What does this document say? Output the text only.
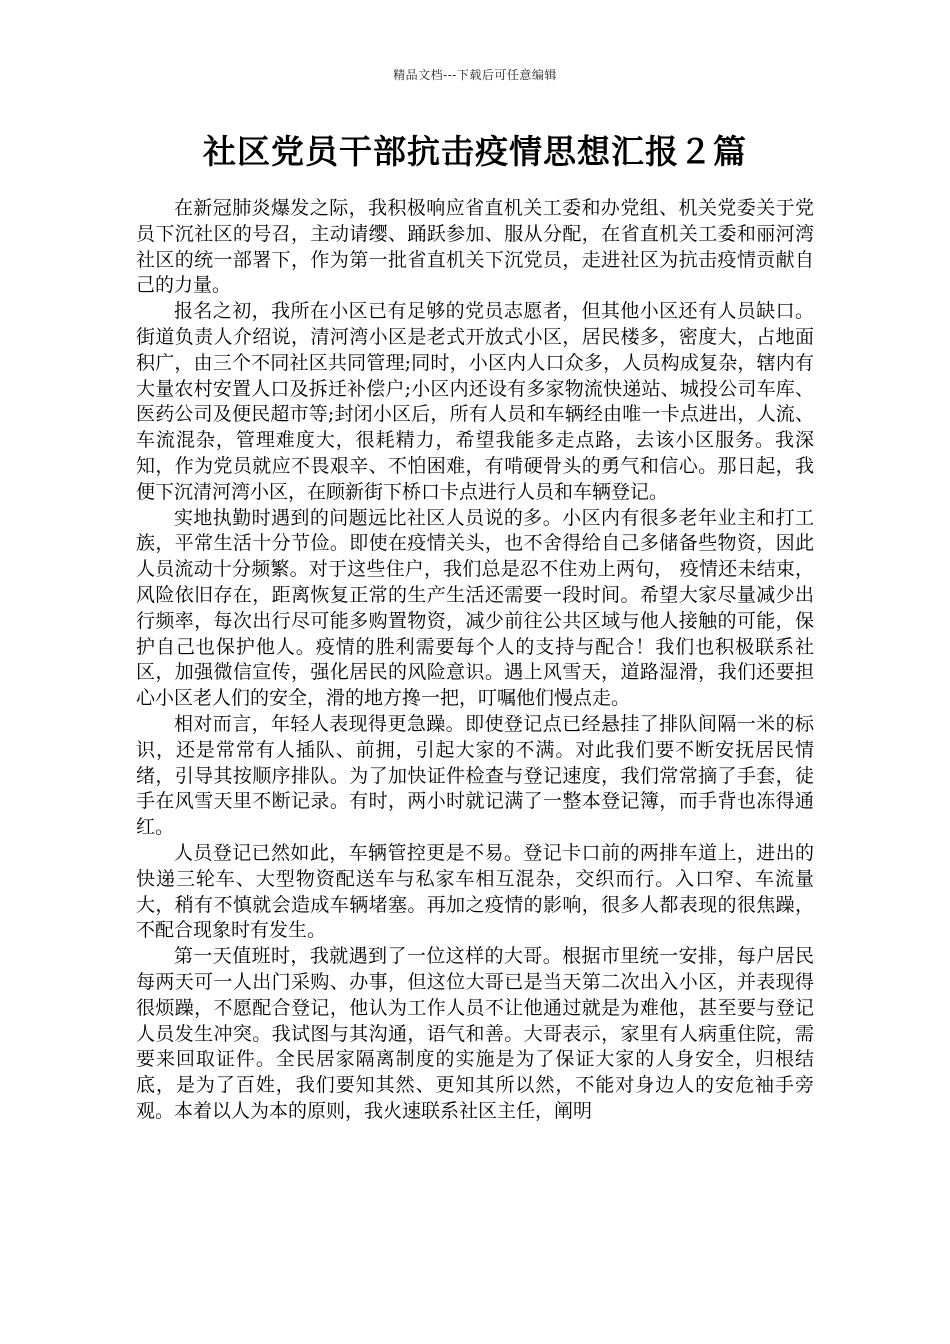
精品文档---下载后可任意编辑
社区党员干部抗击疫情思想汇报２篇

在新冠肺炎爆发之际，我积极响应省直机关工委和办党组、机关党委关于党员下沉社区的号召，主动请缨、踊跃参加、服从分配，在省直机关工委和丽河湾社区的统一部署下，作为第一批省直机关下沉党员，走进社区为抗击疫情贡献自己的力量。

报名之初，我所在小区已有足够的党员志愿者，但其他小区还有人员缺口。街道负责人介绍说，清河湾小区是老式开放式小区，居民楼多，密度大，占地面积广，由三个不同社区共同管理;同时，小区内人口众多，人员构成复杂，辖内有大量农村安置人口及拆迁补偿户;小区内还设有多家物流快递站、城投公司车库、医药公司及便民超市等;封闭小区后，所有人员和车辆经由唯一卡点进出，人流、车流混杂，管理难度大，很耗精力，希望我能多走点路，去该小区服务。我深知，作为党员就应不畏艰辛、不怕困难，有啃硬骨头的勇气和信心。那日起，我便下沉清河湾小区，在顾新街下桥口卡点进行人员和车辆登记。

实地执勤时遇到的问题远比社区人员说的多。小区内有很多老年业主和打工族，平常生活十分节俭。即使在疫情关头，也不舍得给自己多储备些物资，因此人员流动十分频繁。对于这些住户，我们总是忍不住劝上两句， 疫情还未结束，风险依旧存在，距离恢复正常的生产生活还需要一段时间。希望大家尽量减少出行频率，每次出行尽可能多购置物资，减少前往公共区域与他人接触的可能，保护自己也保护他人。疫情的胜利需要每个人的支持与配合！我们也积极联系社区，加强微信宣传，强化居民的风险意识。遇上风雪天，道路湿滑，我们还要担心小区老人们的安全，滑的地方搀一把，叮嘱他们慢点走。

相对而言，年轻人表现得更急躁。即使登记点已经悬挂了排队间隔一米的标识，还是常常有人插队、前拥，引起大家的不满。对此我们要不断安抚居民情绪，引导其按顺序排队。为了加快证件检查与登记速度，我们常常摘了手套，徒手在风雪天里不断记录。有时，两小时就记满了一整本登记簿，而手背也冻得通红。

人员登记已然如此，车辆管控更是不易。登记卡口前的两排车道上，进出的快递三轮车、大型物资配送车与私家车相互混杂，交织而行。入口窄、车流量大，稍有不慎就会造成车辆堵塞。再加之疫情的影响，很多人都表现的很焦躁，不配合现象时有发生。

第一天值班时，我就遇到了一位这样的大哥。根据市里统一安排，每户居民每两天可一人出门采购、办事，但这位大哥已是当天第二次出入小区，并表现得很烦躁，不愿配合登记，他认为工作人员不让他通过就是为难他，甚至要与登记人员发生冲突。我试图与其沟通，语气和善。大哥表示，家里有人病重住院，需要来回取证件。全民居家隔离制度的实施是为了保证大家的人身安全，归根结底，是为了百姓，我们要知其然、更知其所以然，不能对身边人的安危袖手旁观。本着以人为本的原则，我火速联系社区主任，阐明
